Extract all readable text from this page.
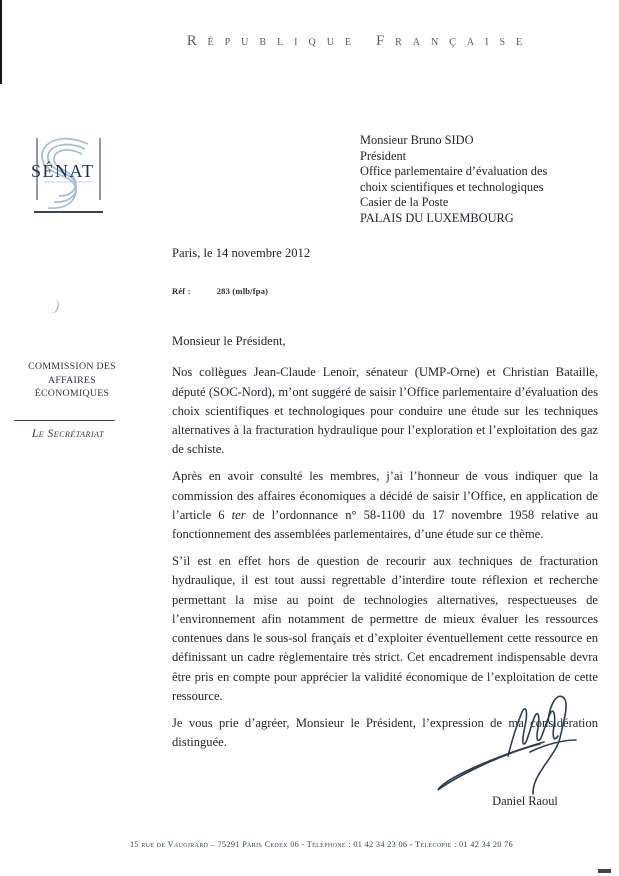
)
République Française
SÉNAT
Monsieur Bruno SIDO
Président
Office parlementaire d’évaluation des
choix scientifiques et technologiques
Casier de la Poste
PALAIS DU LUXEMBOURG
Paris, le 14 novembre 2012
Réf :	283 (mlb/fpa)
COMMISSION DES
AFFAIRES
ÉCONOMIQUES
Le Secrétariat

Monsieur le Président,

Nos collègues Jean-Claude Lenoir, sénateur (UMP-Orne) et Christian Bataille, député (SOC-Nord), m’ont suggéré de saisir l’Office parlementaire d’évaluation des choix scientifiques et technologiques pour conduire une étude sur les techniques alternatives à la fracturation hydraulique pour l’exploration et l’exploitation des gaz de schiste.

Après en avoir consulté les membres, j’ai l’honneur de vous indiquer que la commission des affaires économiques a décidé de saisir l’Office, en application de l’article 6 ter de l’ordonnance n° 58-1100 du 17 novembre 1958 relative au fonctionnement des assemblées parlementaires, d’une étude sur ce thème.

S’il est en effet hors de question de recourir aux techniques de fracturation hydraulique, il est tout aussi regrettable d’interdire toute réflexion et recherche permettant la mise au point de technologies alternatives, respectueuses de l’environnement afin notamment de permettre de mieux évaluer les ressources contenues dans le sous-sol français et d’exploiter éventuellement cette ressource en définissant un cadre règlementaire très strict. Cet encadrement indispensable devra être pris en compte pour apprécier la validité économique de l’exploitation de cette ressource.

Je vous prie d’agréer, Monsieur le Président, l’expression de ma considération distinguée.

Daniel Raoul
15 rue de Vaugirard – 75291 Paris Cedex 06 - Téléphone : 01 42 34 23 06 - Télécopie : 01 42 34 20 76
